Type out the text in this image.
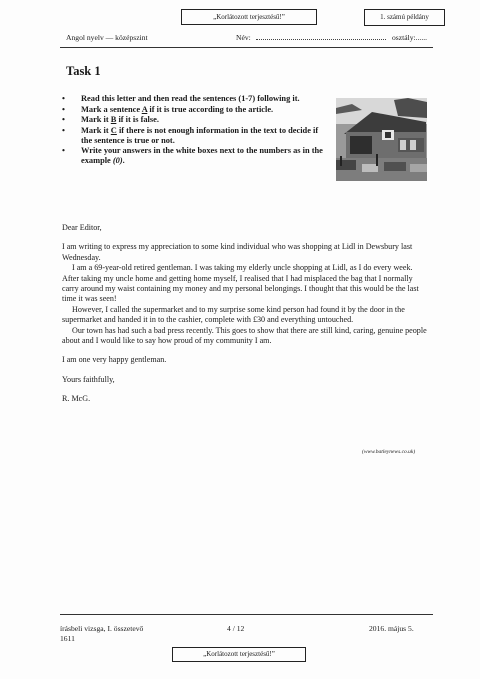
„Korlátozott terjesztésű!”	1. számú példány
Angol nyelv — középszint	Név:	osztály:......
Task 1
• Read this letter and then read the sentences (1-7) following it.
• Mark a sentence A if it is true according to the article.
• Mark it B if it is false.
• Mark it C if there is not enough information in the text to decide if the sentence is true or not.
• Write your answers in the white boxes next to the numbers as in the example (0).

Dear Editor,

I am writing to express my appreciation to some kind individual who was shopping at Lidl in Dewsbury last Wednesday.

I am a 69-year-old retired gentleman. I was taking my elderly uncle shopping at Lidl, as I do every week. After taking my uncle home and getting home myself, I realised that I had misplaced the bag that I normally carry around my waist containing my money and my personal belongings. I thought that this would be the last time it was seen!

However, I called the supermarket and to my surprise some kind person had found it by the door in the supermarket and handed it in to the cashier, complete with £30 and everything untouched.

Our town has had such a bad press recently. This goes to show that there are still kind, caring, genuine people about and I would like to say how proud of my community I am.

I am one very happy gentleman.

Yours faithfully,

R. McG.

(www.batleynews.co.uk)
írásbeli vizsga, I. összetevő
1611
4 / 12	2016. május 5.
„Korlátozott terjesztésű!”
